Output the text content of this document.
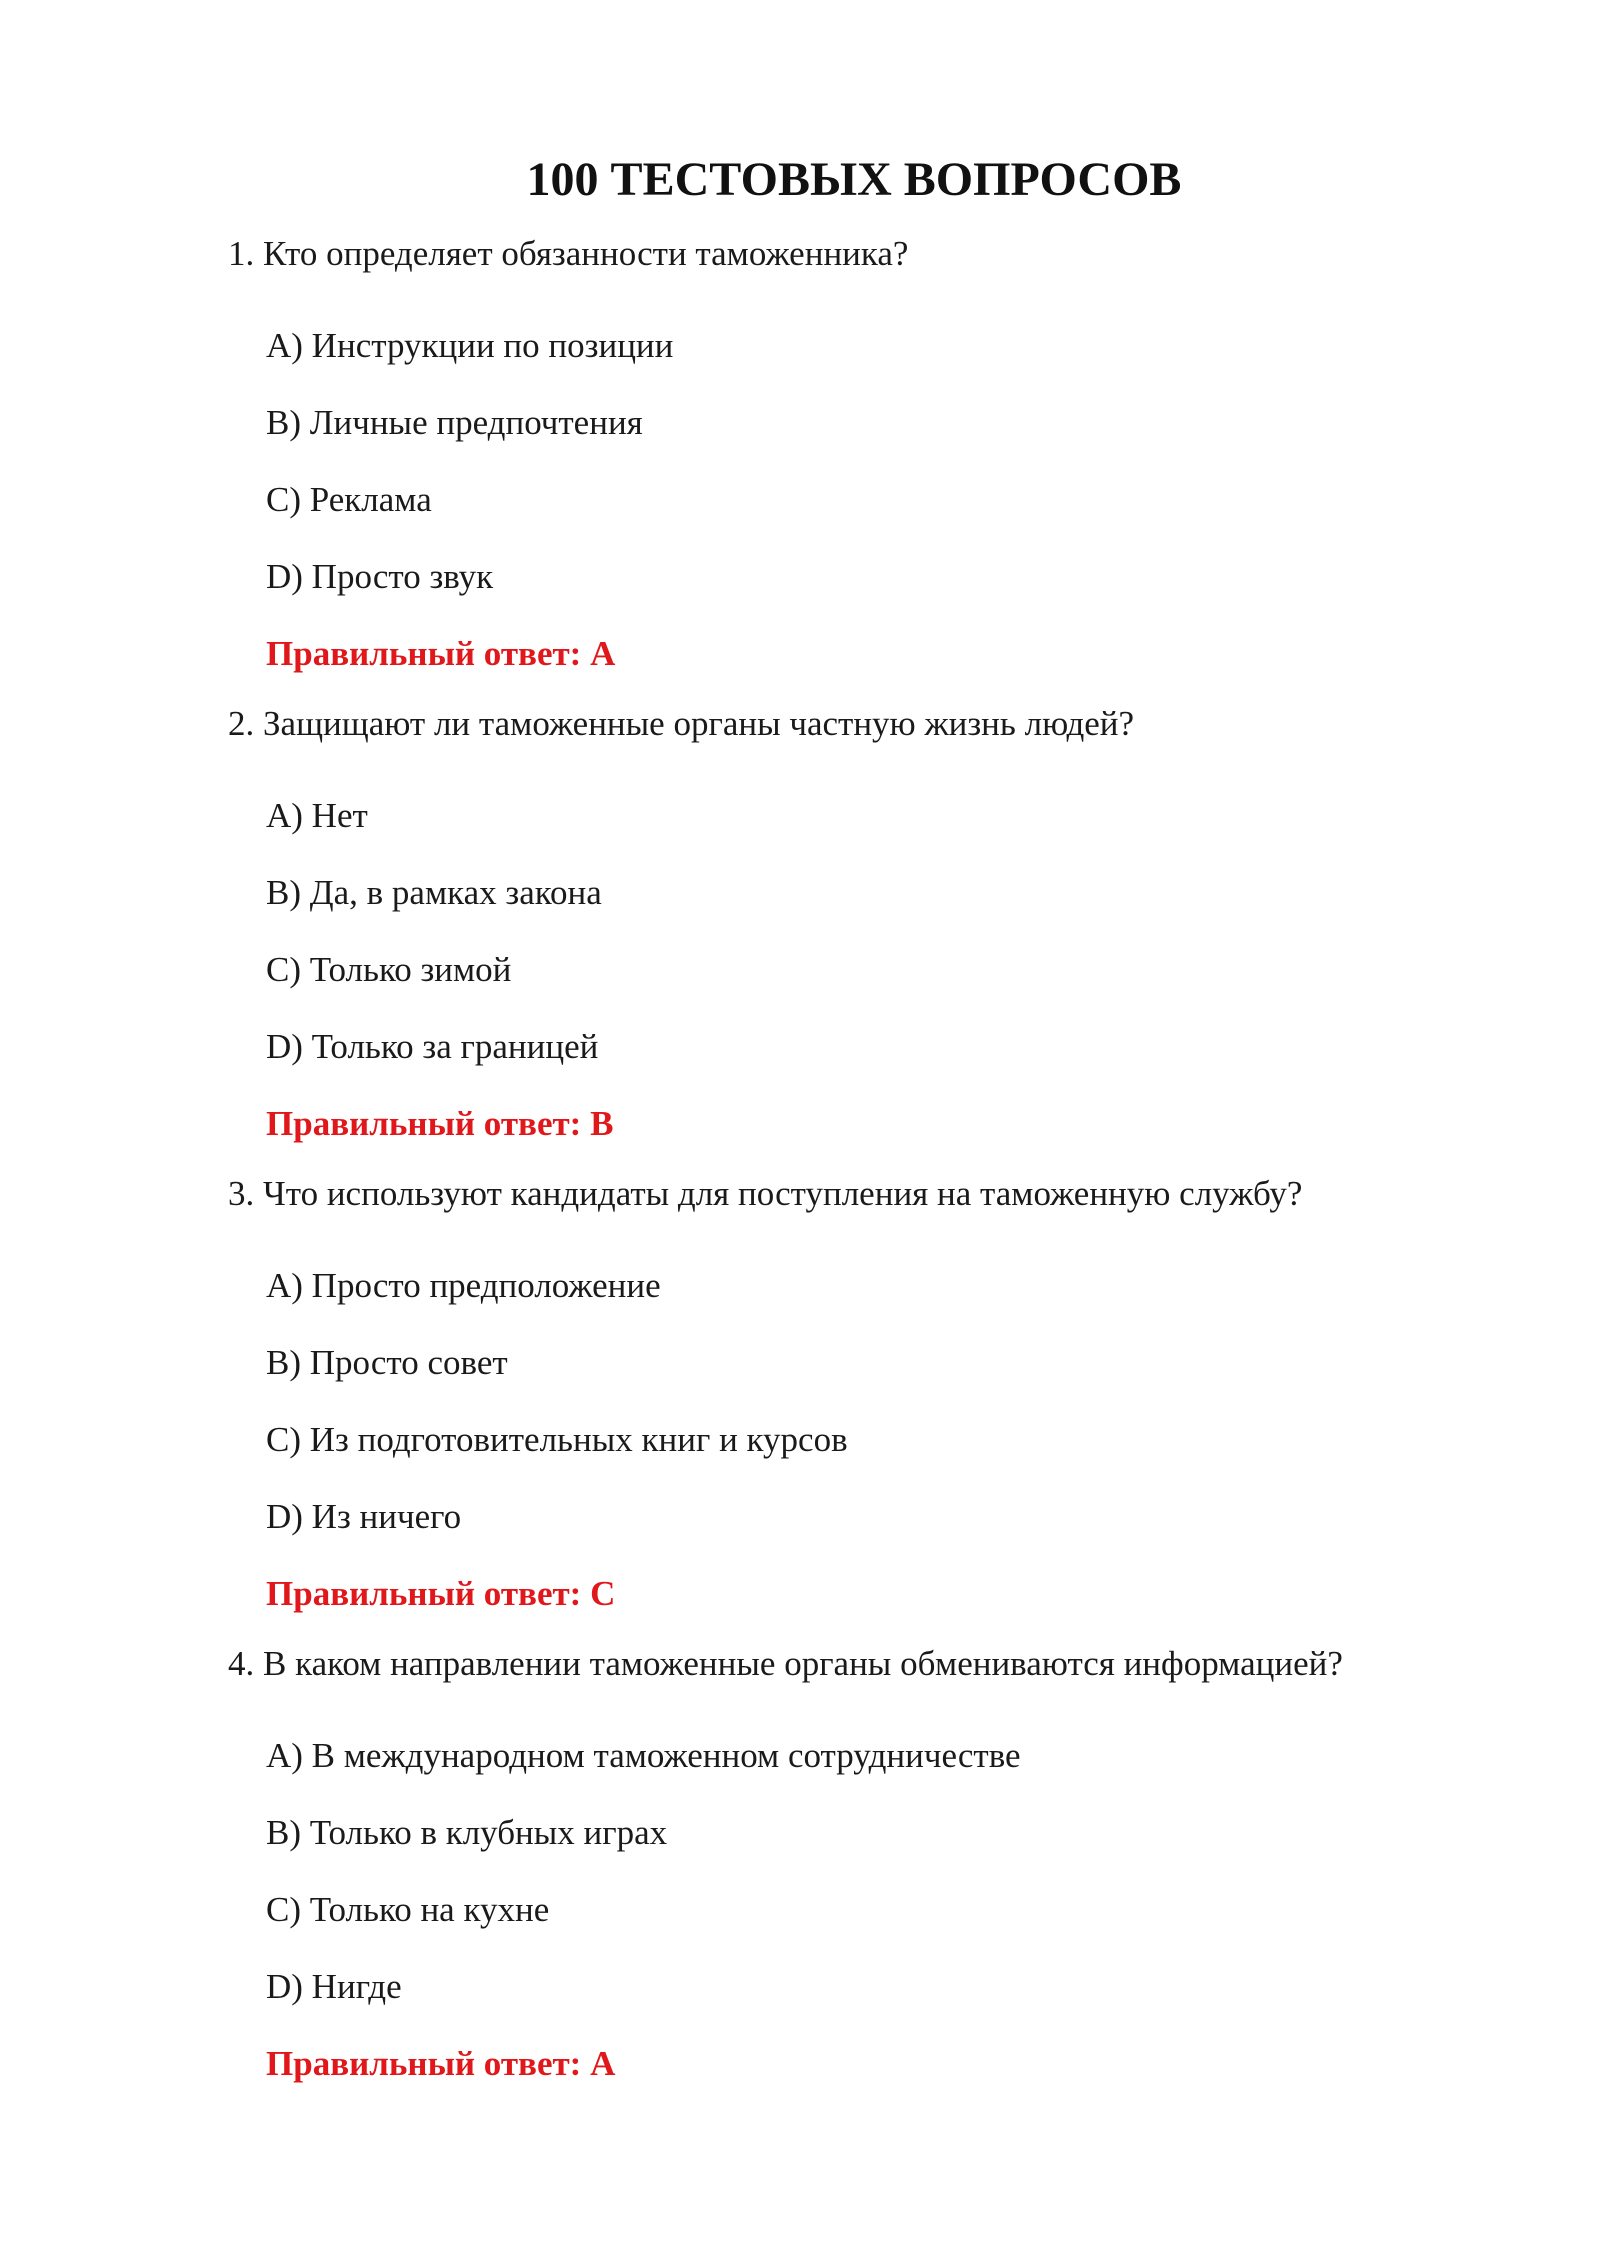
100 ТЕСТОВЫХ ВОПРОСОВ
1. Кто определяет обязанности таможенника?
A) Инструкции по позиции
B) Личные предпочтения
C) Реклама
D) Просто звук
Правильный ответ: A
2. Защищают ли таможенные органы частную жизнь людей?
A) Нет
B) Да, в рамках закона
C) Только зимой
D) Только за границей
Правильный ответ: B
3. Что используют кандидаты для поступления на таможенную службу?
A) Просто предположение
B) Просто совет
C) Из подготовительных книг и курсов
D) Из ничего
Правильный ответ: C
4. В каком направлении таможенные органы обмениваются информацией?
A) В международном таможенном сотрудничестве
B) Только в клубных играх
C) Только на кухне
D) Нигде
Правильный ответ: A
